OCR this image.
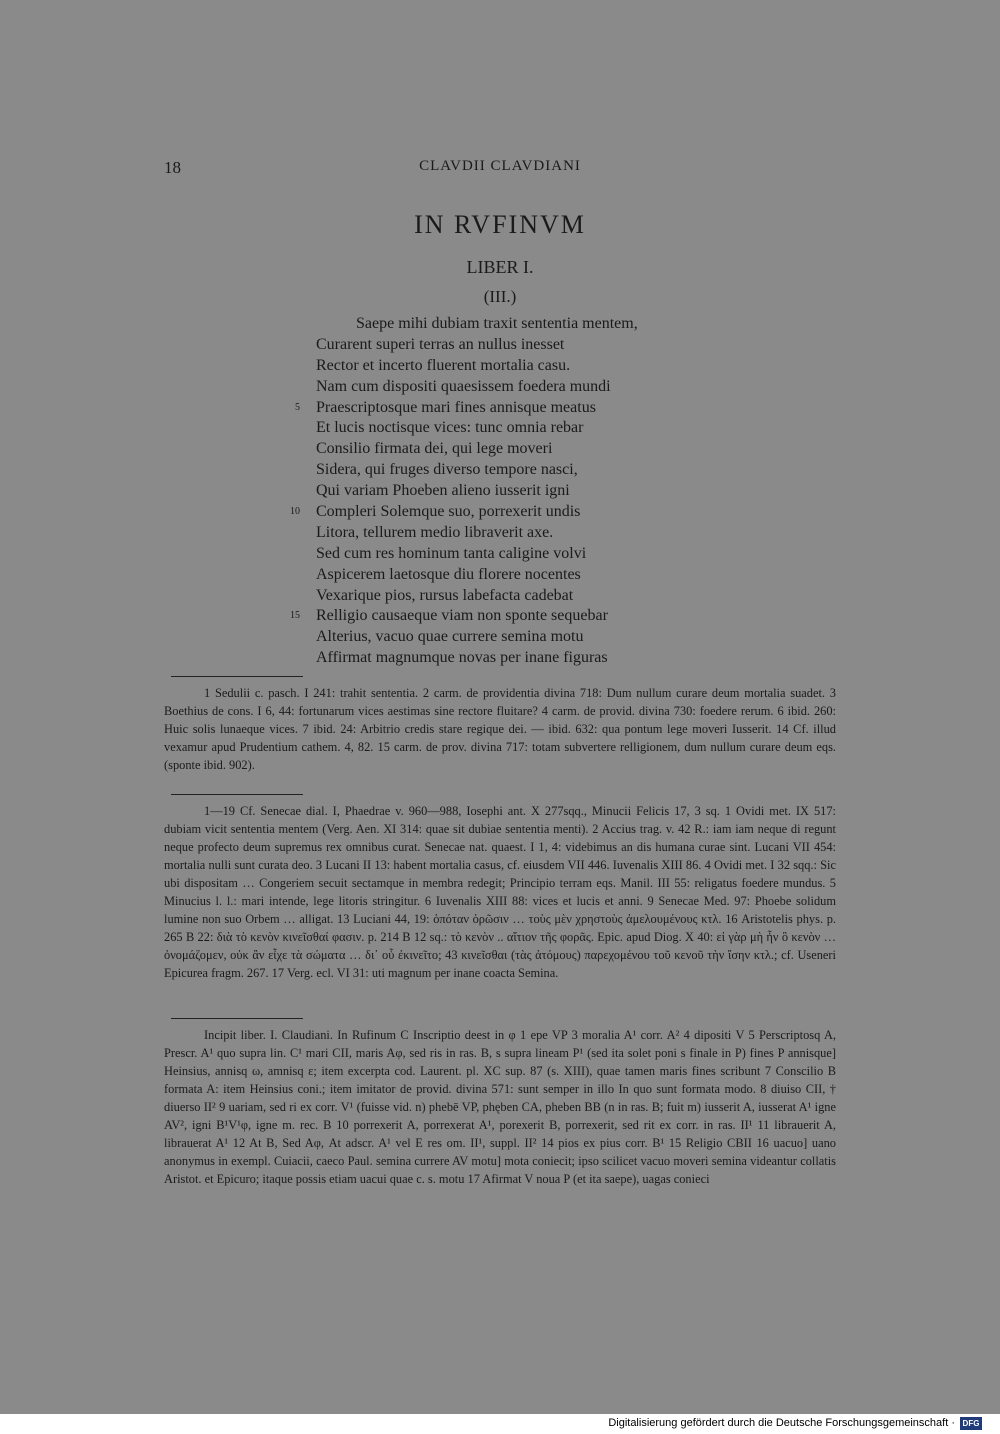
18	CLAVDII CLAVDIANI
IN RVFINVM
LIBER I.
(III.)
Saepe mihi dubiam traxit sententia mentem,
Curarent superi terras an nullus inesset
Rector et incerto fluerent mortalia casu.
Nam cum dispositi quaesissem foedera mundi
5 Praescriptosque mari fines annisque meatus
Et lucis noctisque vices: tunc omnia rebar
Consilio firmata dei, qui lege moveri
Sidera, qui fruges diverso tempore nasci,
Qui variam Phoeben alieno iusserit igni
10 Compleri Solemque suo, porrexerit undis
Litora, tellurem medio libraverit axe.
Sed cum res hominum tanta caligine volvi
Aspicerem laetosque diu florere nocentes
Vexarique pios, rursus labefacta cadebat
15 Relligio causaeque viam non sponte sequebar
Alterius, vacuo quae currere semina motu
Affirmat magnumque novas per inane figuras

1 Sedulii c. pasch. I 241: trahit sententia. 2 carm. de providentia divina 718: Dum nullum curare deum mortalia suadet. 3 Boethius de cons. I 6, 44: fortunarum vices aestimas sine rectore fluitare? 4 carm. de provid. divina 730: foedere rerum. 6 ibid. 260: Huic solis lunaeque vices. 7 ibid. 24: Arbitrio credis stare regique dei. — ibid. 632: qua pontum lege moveri Iusserit. 14 Cf. illud vexamur apud Prudentium cathem. 4, 82. 15 carm. de prov. divina 717: totam subvertere relligionem, dum nullum curare deum eqs. (sponte ibid. 902).

1—19 Cf. Senecae dial. I, Phaedrae v. 960—988, Iosephi ant. X 277sqq., Minucii Felicis 17, 3 sq. 1 Ovidi met. IX 517: dubiam vicit sententia mentem (Verg. Aen. XI 314: quae sit dubiae sententia menti). 2 Accius trag. v. 42 R.: iam iam neque di regunt neque profecto deum supremus rex omnibus curat. Senecae nat. quaest. I 1, 4: videbimus an dis humana curae sint. Lucani VII 454: mortalia nulli sunt curata deo. 3 Lucani II 13: habent mortalia casus, cf. eiusdem VII 446. Iuvenalis XIII 86. 4 Ovidi met. I 32 sqq.: Sic ubi dispositam … Congeriem secuit sectamque in membra redegit; Principio terram eqs. Manil. III 55: religatus foedere mundus. 5 Minucius l. l.: mari intende, lege litoris stringitur. 6 Iuvenalis XIII 88: vices et lucis et anni. 9 Senecae Med. 97: Phoebe solidum lumine non suo Orbem … alligat. 13 Luciani 44, 19: ὁπόταν ὁρῶσιν … τοὺς μὲν χρηστοὺς ἀμελουμένους κτλ. 16 Aristotelis phys. p. 265 B 22: διὰ τὸ κενὸν κινεῖσθαί φασιν. p. 214 B 12 sq.: τὸ κενὸν .. αἴτιον τῆς φορᾶς. Epic. apud Diog. X 40: εἰ γὰρ μὴ ἦν ὃ κενὸν … ὀνομάζομεν, οὐκ ἂν εἶχε τὰ σώματα … δι᾽ οὗ ἐκινεῖτο; 43 κινεῖσθαι (τὰς ἀτόμους) παρεχομένου τοῦ κενοῦ τὴν ἴσην κτλ.; cf. Useneri Epicurea fragm. 267. 17 Verg. ecl. VI 31: uti magnum per inane coacta Semina.

Incipit liber. I. Claudiani. In Rufinum C Inscriptio deest in φ 1 epe VP 3 moralia A¹ corr. A² 4 dipositi V 5 Perscriptosq A, Prescr. A¹ quo supra lin. C¹ mari CII, maris Aφ, sed ris in ras. B, s supra lineam P¹ (sed ita solet poni s finale in P) fines P annisque] Heinsius, annisq ω, amnisq ε; item excerpta cod. Laurent. pl. XC sup. 87 (s. XIII), quae tamen maris fines scribunt 7 Conscilio B formata A: item Heinsius coni.; item imitator de provid. divina 571: sunt semper in illo In quo sunt formata modo. 8 diuiso CII, † diuerso II² 9 uariam, sed ri ex corr. V¹ (fuisse vid. n) phebē VP, phęben CA, pheben BB (n in ras. B; fuit m) iusserit A, iusserat A¹ igne AV², igni B¹V¹φ, igne m. rec. B 10 porrexerit A, porrexerat A¹, porexerit B, porrexerit, sed rit ex corr. in ras. II¹ 11 librauerit A, librauerat A¹ 12 At B, Sed Aφ, At adscr. A¹ vel E res om. II¹, suppl. II² 14 pios ex pius corr. B¹ 15 Religio CBII 16 uacuo] uano anonymus in exempl. Cuiacii, caeco Paul. semina currere AV motu] mota coniecit; ipso scilicet vacuo moveri semina videantur collatis Aristot. et Epicuro; itaque possis etiam uacui quae c. s. motu 17 Afirmat V noua P (et ita saepe), uagas conieci

Digitalisierung gefördert durch die Deutsche Forschungsgemeinschaft · DFG
